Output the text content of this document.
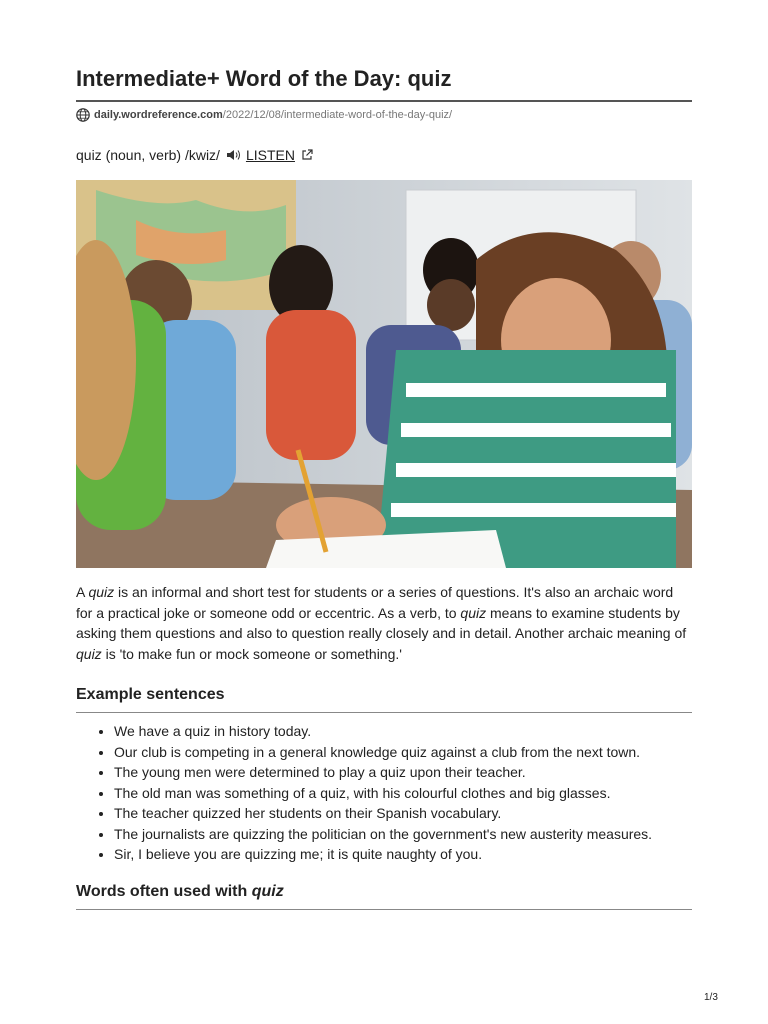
Intermediate+ Word of the Day: quiz
daily.wordreference.com /2022/12/08/intermediate-word-of-the-day-quiz/
quiz (noun, verb) /kwiz/ LISTEN

A quiz is an informal and short test for students or a series of questions. It's also an archaic word for a practical joke or someone odd or eccentric. As a verb, to quiz means to examine students by asking them questions and also to question really closely and in detail. Another archaic meaning of quiz is 'to make fun or mock someone or something.'

Example sentences
• We have a quiz in history today.
• Our club is competing in a general knowledge quiz against a club from the next town.
• The young men were determined to play a quiz upon their teacher.
• The old man was something of a quiz, with his colourful clothes and big glasses.
• The teacher quizzed her students on their Spanish vocabulary.
• The journalists are quizzing the politician on the government's new austerity measures.
• Sir, I believe you are quizzing me; it is quite naughty of you.
Words often used with quiz
1/3
